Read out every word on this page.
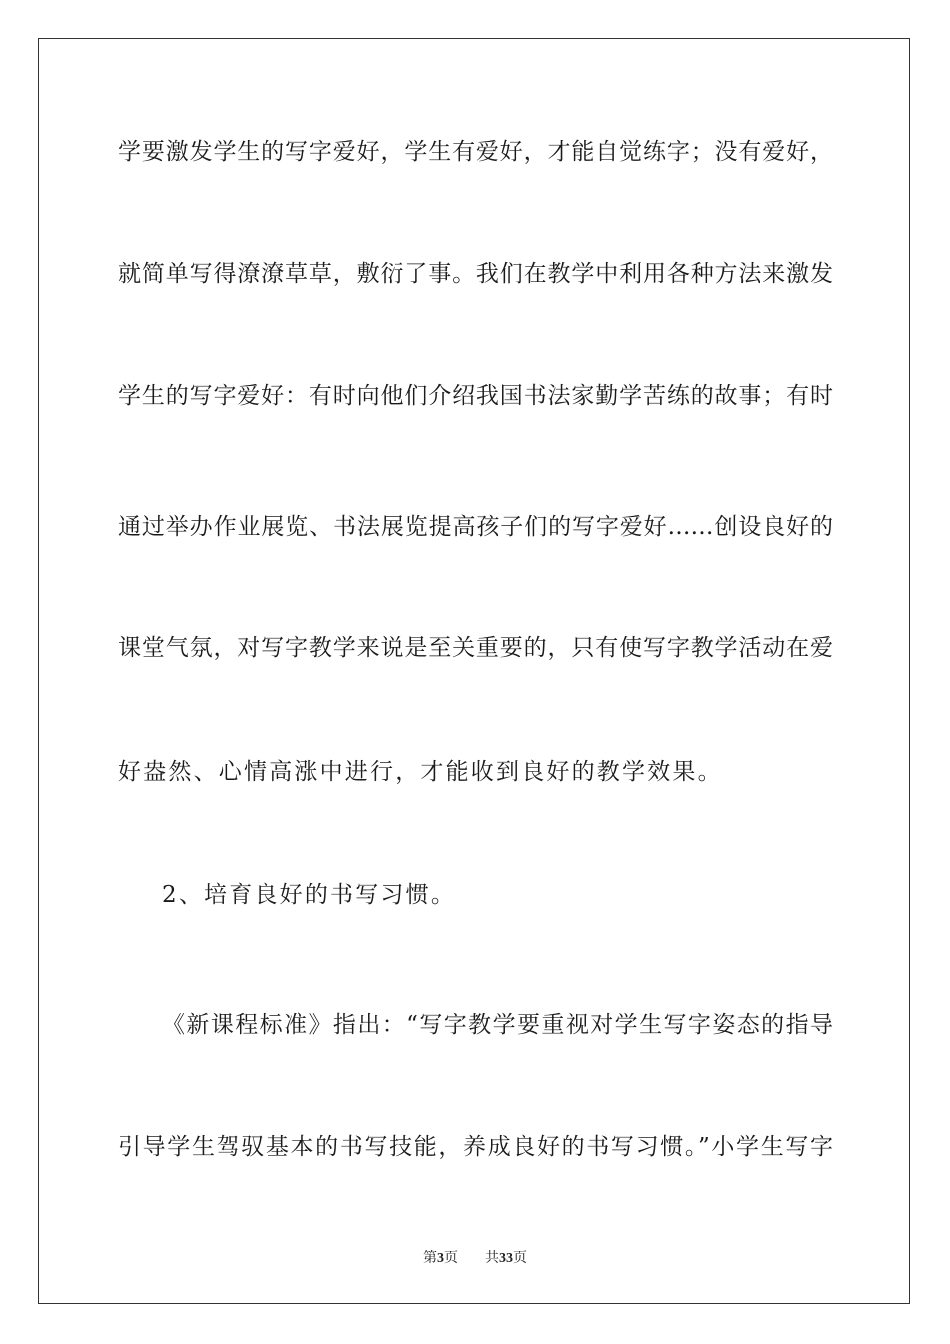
学要激发学生的写字爱好，学生有爱好，才能自觉练字；没有爱好，
就简单写得潦潦草草，敷衍了事。我们在教学中利用各种方法来激发
学生的写字爱好：有时向他们介绍我国书法家勤学苦练的故事；有时
通过举办作业展览、书法展览提高孩子们的写字爱好……创设良好的
课堂气氛，对写字教学来说是至关重要的，只有使写字教学活动在爱
好盎然、心情高涨中进行，才能收到良好的教学效果。
2、培育良好的书写习惯。
《新课程标准》指出：“写字教学要重视对学生写字姿态的指导
引导学生驾驭基本的书写技能，养成良好的书写习惯。”小学生写字
第3页 共33页
